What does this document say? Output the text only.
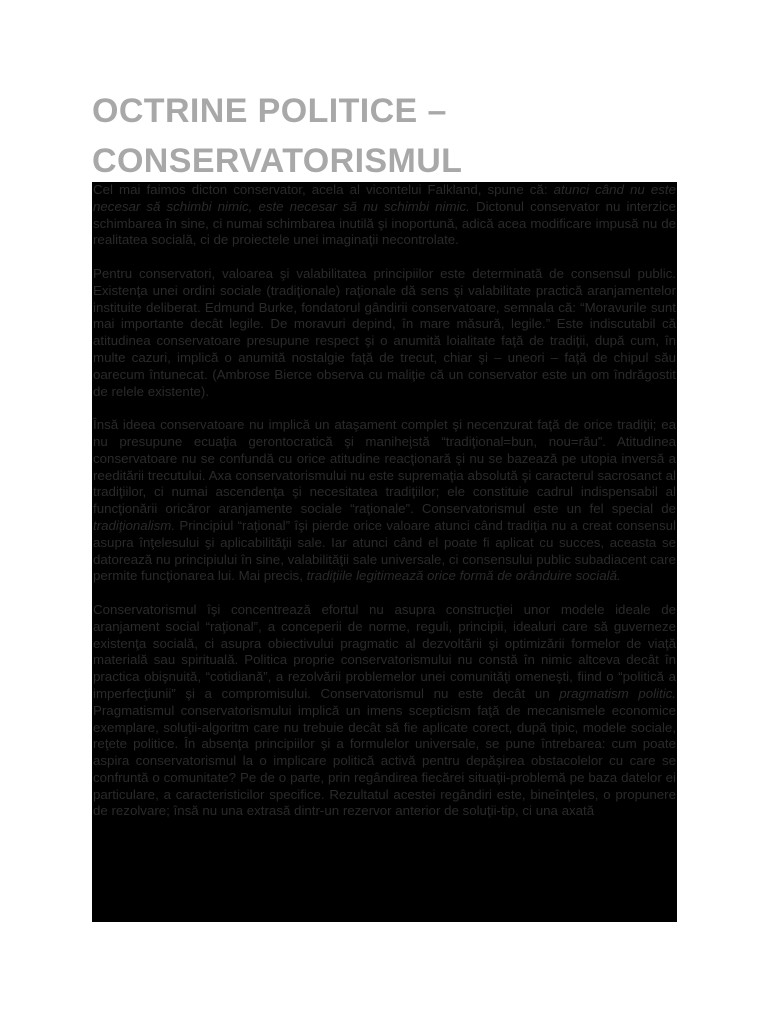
OCTRINE POLITICE –
CONSERVATORISMUL

Cel mai faimos dicton conservator, acela al vicontelui Falkland, spune că: atunci când nu este necesar să schimbi nimic, este necesar să nu schimbi nimic. Dictonul conservator nu interzice schimbarea în sine, ci numai schimbarea inutilă şi inoportună, adică acea modificare impusă nu de realitatea socială, ci de proiectele unei imaginaţii necontrolate.

Pentru conservatori, valoarea şi valabilitatea principiilor este determinată de consensul public. Existenţa unei ordini sociale (tradiţionale) raţionale dă sens şi valabilitate practică aranjamentelor instituite deliberat. Edmund Burke, fondatorul gândirii conservatoare, semnala că: “Moravurile sunt mai importante decât legile. De moravuri depind, în mare măsură, legile.” Este indiscutabil că atitudinea conservatoare presupune respect şi o anumită loialitate faţă de tradiţii, după cum, în multe cazuri, implică o anumită nostalgie faţă de trecut, chiar şi – uneori – faţă de chipul său oarecum întunecat. (Ambrose Bierce observa cu maliţie că un conservator este un om îndrăgostit de relele existente).

Însă ideea conservatoare nu implică un ataşament complet şi necenzurat faţă de orice tradiţii; ea nu presupune ecuaţia gerontocratică şi manihei̧stă “tradiţional=bun, nou=rău”. Atitudinea conservatoare nu se confundă cu orice atitudine reacţionară şi nu se bazează pe utopia inversă a reeditării trecutului. Axa conservatorismului nu este supremaţia absolută şi caracterul sacrosanct al tradiţiilor, ci numai ascendenţa şi necesitatea tradiţiilor; ele constituie cadrul indispensabil al funcţionării oricăror aranjamente sociale “raţionale”. Conservatorismul este un fel special de tradiţionalism. Principiul “raţional” îşi pierde orice valoare atunci când tradiţia nu a creat consensul asupra înţelesului şi aplicabilităţii sale. Iar atunci când el poate fi aplicat cu succes, aceasta se datorează nu principiului în sine, valabilităţii sale universale, ci consensului public subadiacent care permite funcţionarea lui. Mai precis, tradiţiile legitimează orice formă de orânduire socială.

Conservatorismul îşi concentrează efortul nu asupra construcţiei unor modele ideale de aranjament social “raţional”, a conceperii de norme, reguli, principii, idealuri care să guverneze existenţa socială, ci asupra obiectivului pragmatic al dezvoltării şi optimizării formelor de viaţă materială sau spirituală. Politica proprie conservatorismului nu constă în nimic altceva decât în practica obişnuită, “cotidiană”, a rezolvării problemelor unei comunităţi omeneşti, fiind o “politică a imperfecţiunii” şi a compromisului. Conservatorismul nu este decât un pragmatism politic. Pragmatismul conservatorismului implică un imens scepticism faţă de mecanismele economice exemplare, soluţii-algoritm care nu trebuie decât să fie aplicate corect, după tipic, modele sociale, reţete politice. În absenţa principiilor şi a formulelor universale, se pune întrebarea: cum poate aspira conservatorismul la o implicare politică activă pentru depăşirea obstacolelor cu care se confruntă o comunitate? Pe de o parte, prin regândirea fiecărei situaţii-problemă pe baza datelor ei particulare, a caracteristicilor specifice. Rezultatul acestei regândiri este, bineînţeles, o propunere de rezolvare; însă nu una extrasă dintr-un rezervor anterior de soluţii-tip, ci una axată
